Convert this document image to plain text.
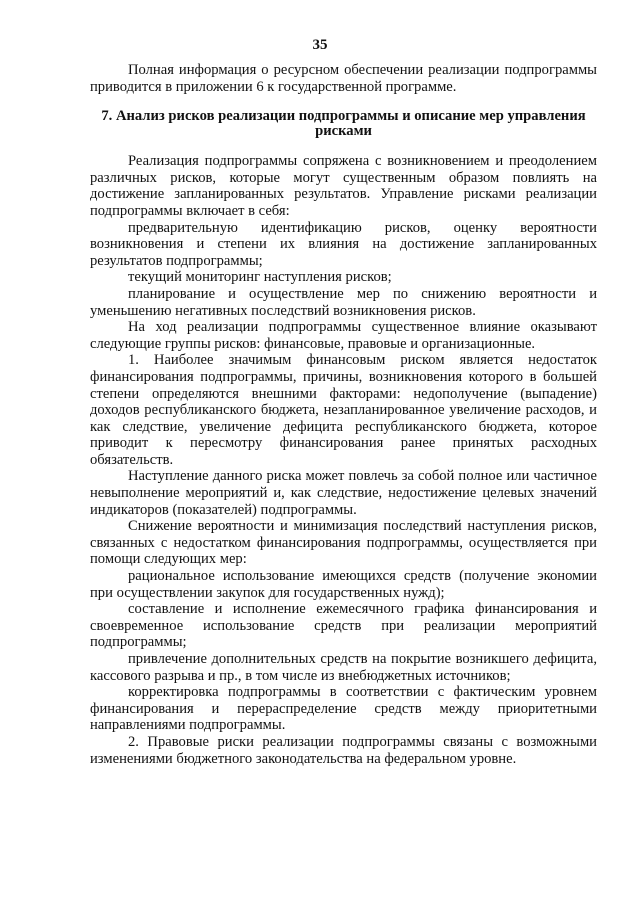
35

Полная информация о ресурсном обеспечении реализации подпрограммы приводится в приложении 6 к государственной программе.

7. Анализ рисков реализации подпрограммы и описание мер управления рисками

Реализация подпрограммы сопряжена с возникновением и преодолением различных рисков, которые могут существенным образом повлиять на достижение запланированных результатов. Управление рисками реализации подпрограммы включает в себя:

предварительную идентификацию рисков, оценку вероятности возникновения и степени их влияния на достижение запланированных результатов подпрограммы;

текущий мониторинг наступления рисков;

планирование и осуществление мер по снижению вероятности и уменьшению негативных последствий возникновения рисков.

На ход реализации подпрограммы существенное влияние оказывают следующие группы рисков: финансовые, правовые и организационные.

1. Наиболее значимым финансовым риском является недостаток финансирования подпрограммы, причины, возникновения которого в большей степени определяются внешними факторами: недополучение (выпадение) доходов республиканского бюджета, незапланированное увеличение расходов, и как следствие, увеличение дефицита республиканского бюджета, которое приводит к пересмотру финансирования ранее принятых расходных обязательств.

Наступление данного риска может повлечь за собой полное или частичное невыполнение мероприятий и, как следствие, недостижение целевых значений индикаторов (показателей) подпрограммы.

Снижение вероятности и минимизация последствий наступления рисков, связанных с недостатком финансирования подпрограммы, осуществляется при помощи следующих мер:

рациональное использование имеющихся средств (получение экономии при осуществлении закупок для государственных нужд);

составление и исполнение ежемесячного графика финансирования и своевременное использование средств при реализации мероприятий подпрограммы;

привлечение дополнительных средств на покрытие возникшего дефицита, кассового разрыва и пр., в том числе из внебюджетных источников;

корректировка подпрограммы в соответствии с фактическим уровнем финансирования и перераспределение средств между приоритетными направлениями подпрограммы.

2. Правовые риски реализации подпрограммы связаны с возможными изменениями бюджетного законодательства на федеральном уровне.
